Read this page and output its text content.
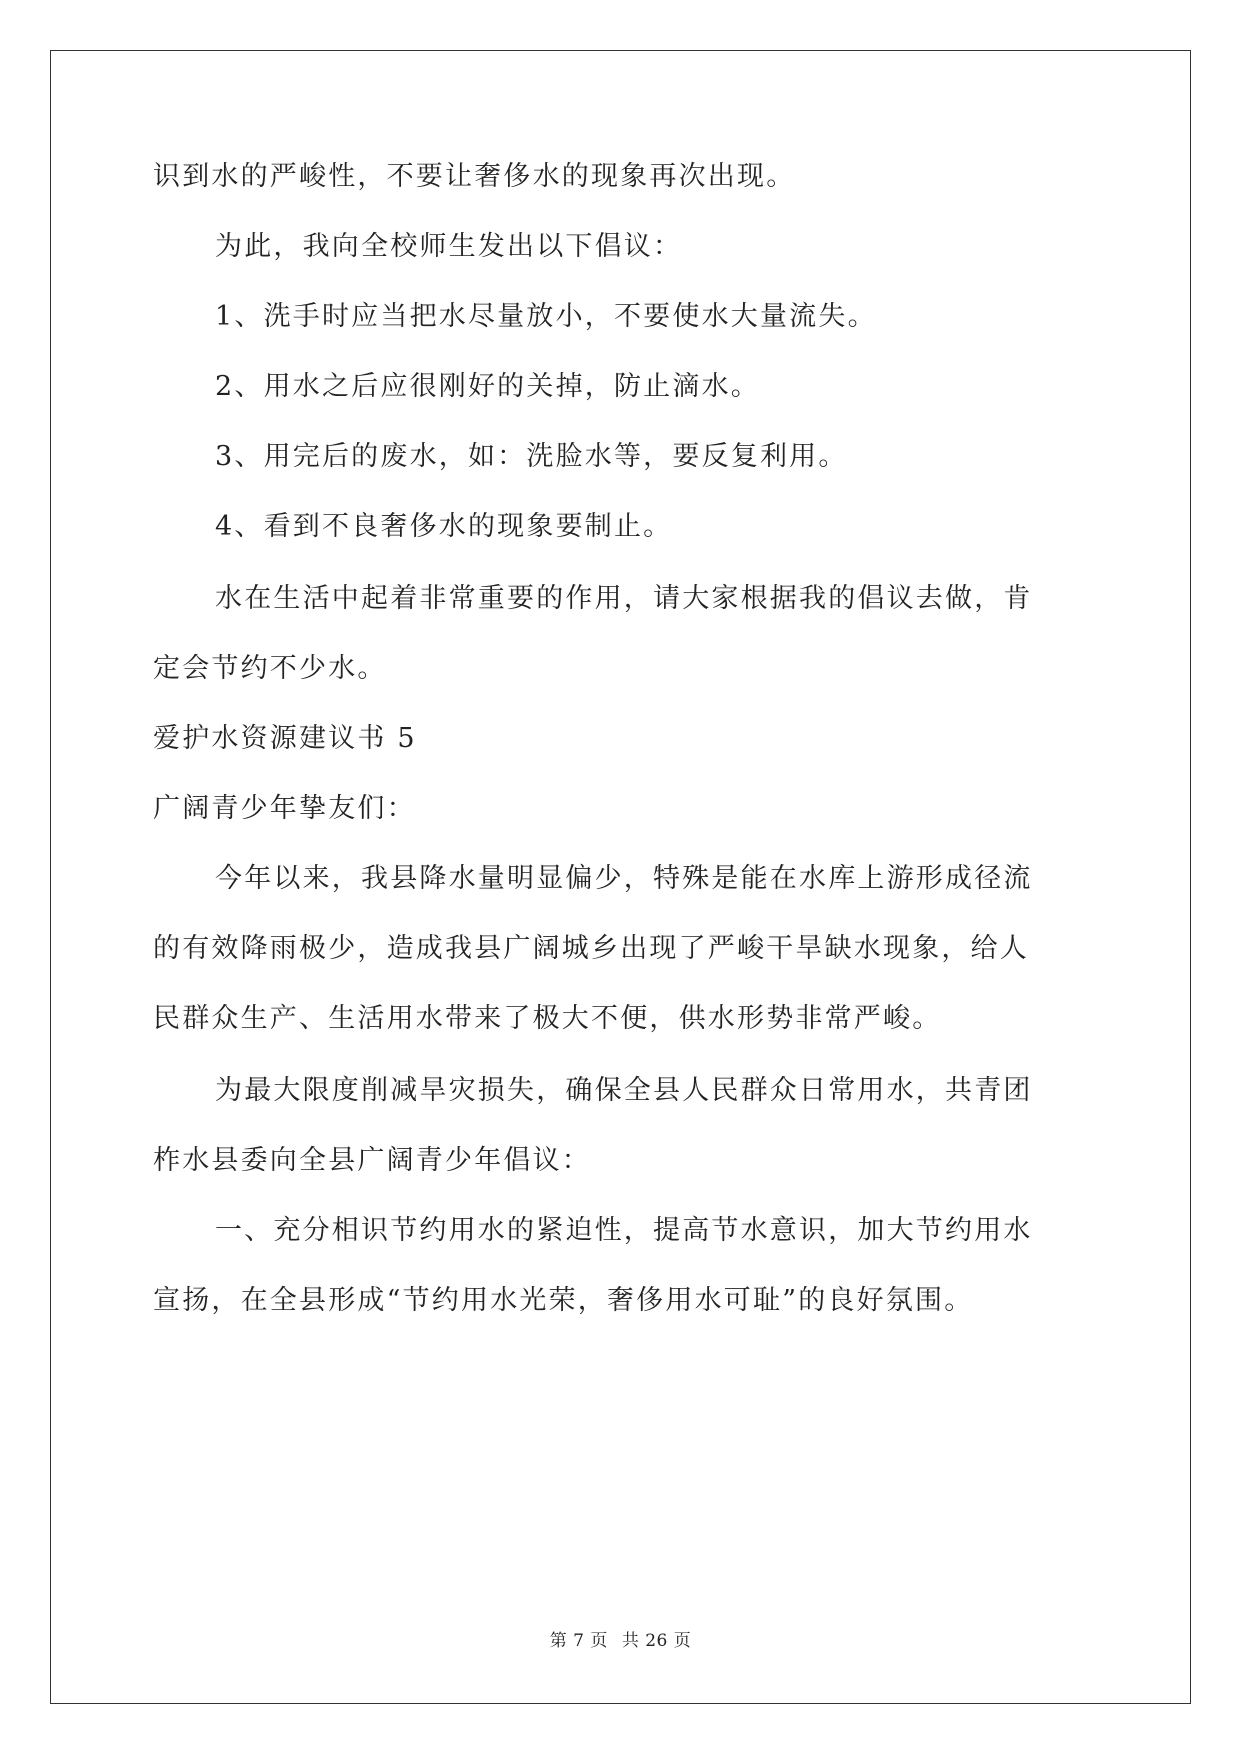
识到水的严峻性，不要让奢侈水的现象再次出现。
为此，我向全校师生发出以下倡议：
1、洗手时应当把水尽量放小，不要使水大量流失。
2、用水之后应很刚好的关掉，防止滴水。
3、用完后的废水，如：洗脸水等，要反复利用。
4、看到不良奢侈水的现象要制止。
水在生活中起着非常重要的作用，请大家根据我的倡议去做，肯
定会节约不少水。
爱护水资源建议书 5
广阔青少年挚友们：
今年以来，我县降水量明显偏少，特殊是能在水库上游形成径流
的有效降雨极少，造成我县广阔城乡出现了严峻干旱缺水现象，给人
民群众生产、生活用水带来了极大不便，供水形势非常严峻。
为最大限度削减旱灾损失，确保全县人民群众日常用水，共青团
柞水县委向全县广阔青少年倡议：
一、充分相识节约用水的紧迫性，提高节水意识，加大节约用水
宣扬，在全县形成“节约用水光荣，奢侈用水可耻”的良好氛围。
第 7 页 共 26 页
